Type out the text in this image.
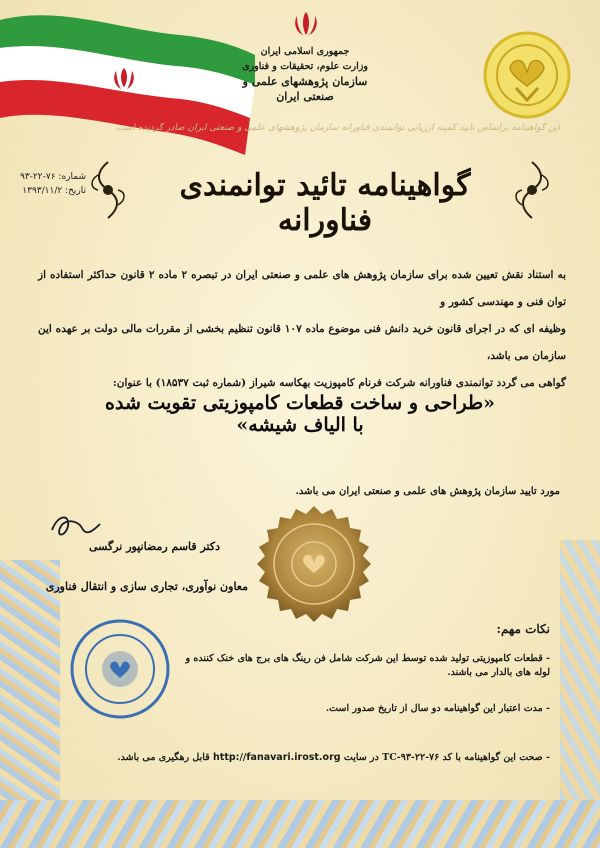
جمهوری اسلامی ایران
وزارت علوم، تحقیقات و فناوری
سازمان پژوهشهای علمی و صنعتی ایران
این گواهینامه براساس تایید کمیته ارزیابی توانمندی فناورانه سازمان پژوهشهای علمی و صنعتی ایران صادر گردیده است
شماره: ۷۶-۲۲-۹۳
تاریخ: ۱۳۹۳/۱۱/۲	گواهینامه تائید توانمندی فناورانه

به استناد نقش تعیین شده برای سازمان پژوهش های علمی و صنعتی ایران در تبصره ۲ ماده ۲ قانون حداکثر استفاده از توان فنی و مهندسی کشور و

وظیفه ای که در اجرای قانون خرید دانش فنی موضوع ماده ۱۰۷ قانون تنظیم بخشی از مقررات مالی دولت بر عهده این سازمان می باشد،

گواهی می گردد توانمندی فناورانه شرکت فرنام کامپوزیت بهکاسه شیراز (شماره ثبت ۱۸۵۳۷) با عنوان:

«طراحی و ساخت قطعات کامپوزیتی تقویت شده با الیاف شیشه»
مورد تایید سازمان پژوهش های علمی و صنعتی ایران می باشد.
دکتر قاسم رمضانپور نرگسی
معاون نوآوری، تجاری سازی و انتقال فناوری
نکات مهم:
- قطعات کامپوزیتی تولید شده توسط این شرکت شامل فن رینگ های برج های خنک کننده و لوله های بالدار می باشند.
- مدت اعتبار این گواهینامه دو سال از تاریخ صدور است.
- صحت این گواهینامه با کد TC-۹۳-۲۲-۷۶ در سایت http://fanavari.irost.org قابل رهگیری می باشد.
